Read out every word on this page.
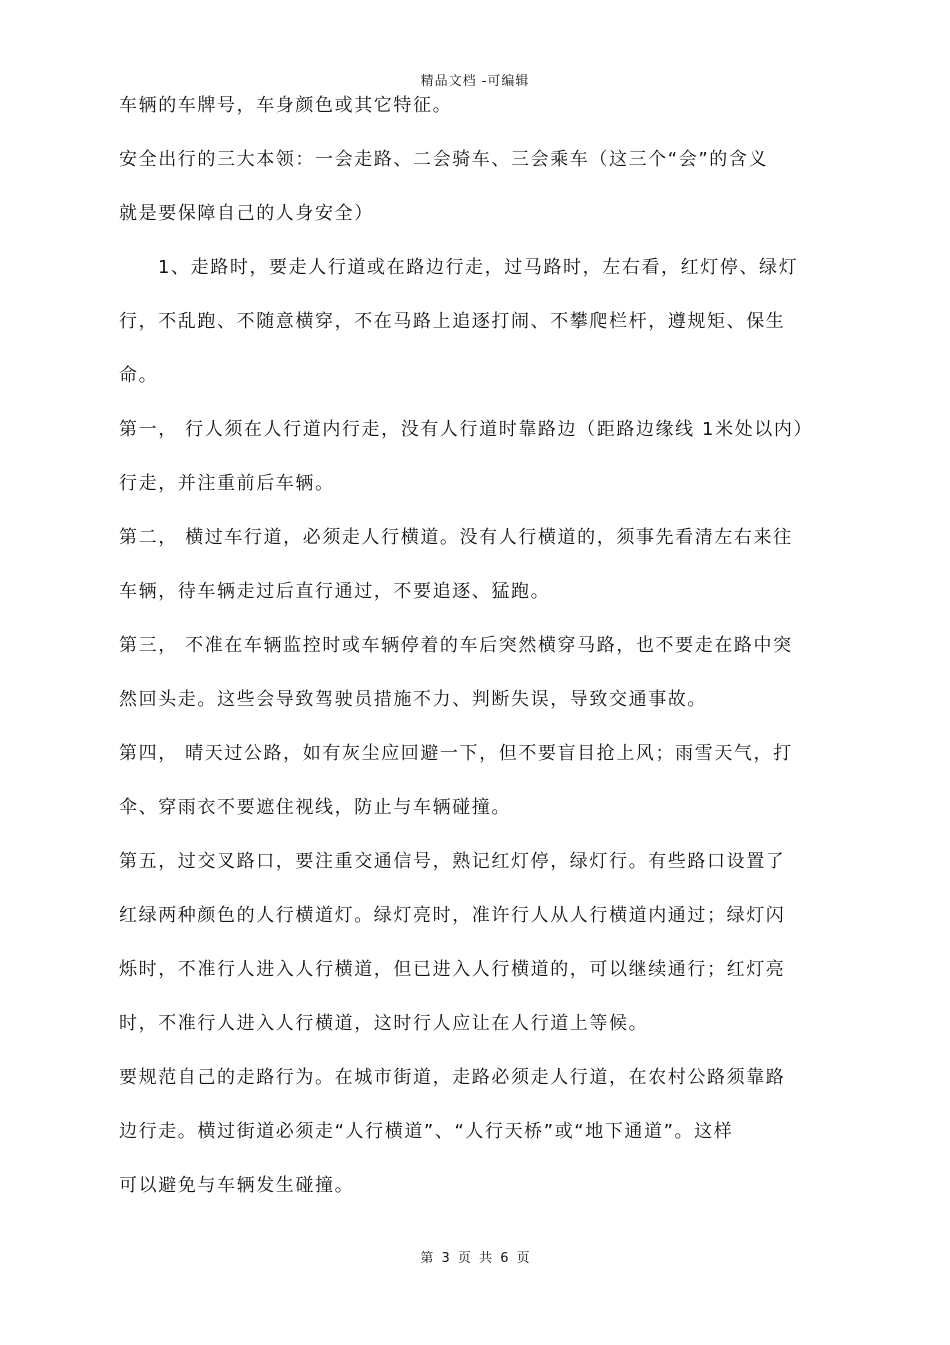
精品文档 -可编辑
车辆的车牌号，车身颜色或其它特征。
安全出行的三大本领：一会走路、二会骑车、三会乘车（这三个“会”的含义
就是要保障自己的人身安全）
1、走路时，要走人行道或在路边行走，过马路时，左右看，红灯停、绿灯
行，不乱跑、不随意横穿，不在马路上追逐打闹、不攀爬栏杆，遵规矩、保生
命。
第一， 行人须在人行道内行走，没有人行道时靠路边（距路边缘线 1米处以内）
行走，并注重前后车辆。
第二， 横过车行道，必须走人行横道。没有人行横道的，须事先看清左右来往
车辆，待车辆走过后直行通过，不要追逐、猛跑。
第三， 不准在车辆监控时或车辆停着的车后突然横穿马路，也不要走在路中突
然回头走。这些会导致驾驶员措施不力、判断失误，导致交通事故。
第四， 晴天过公路，如有灰尘应回避一下，但不要盲目抢上风；雨雪天气，打
伞、穿雨衣不要遮住视线，防止与车辆碰撞。
第五，过交叉路口，要注重交通信号，熟记红灯停，绿灯行。有些路口设置了
红绿两种颜色的人行横道灯。绿灯亮时，准许行人从人行横道内通过；绿灯闪
烁时，不准行人进入人行横道，但已进入人行横道的，可以继续通行；红灯亮
时，不准行人进入人行横道，这时行人应让在人行道上等候。
要规范自己的走路行为。在城市街道，走路必须走人行道，在农村公路须靠路
边行走。横过街道必须走“人行横道”、“人行天桥”或“地下通道”。这样
可以避免与车辆发生碰撞。
第 3 页 共 6 页
